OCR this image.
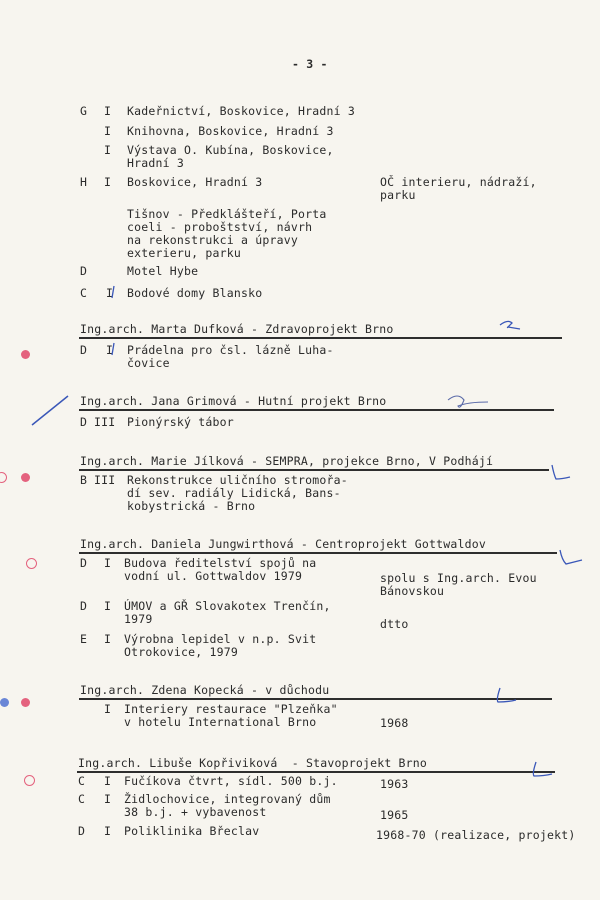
- 3 -
G I Kadeřnictví, Boskovice, Hradní 3
I Knihovna, Boskovice, Hradní 3
I Výstava O. Kubína, Boskovice,
Hradní 3
H I Boskovice, Hradní 3	OČ interieru, nádraží,
parku
Tišnov - Předklášteří, Porta
coeli - proboštství, návrh
na rekonstrukci a úpravy
exterieru, parku
D	Motel Hybe
C I Bodové domy Blansko
Ing.arch. Marta Dufková - Zdravoprojekt Brno
D I Prádelna pro čsl. lázně Luha-
čovice
Ing.arch. Jana Grimová - Hutní projekt Brno
D III Pionýrský tábor
Ing.arch. Marie Jílková - SEMPRA, projekce Brno, V Podhájí
B III Rekonstrukce uličního stromořa-
dí sev. radiály Lidická, Bans-
kobystrická - Brno
Ing.arch. Daniela Jungwirthová - Centroprojekt Gottwaldov
D I Budova ředitelství spojů na
vodní ul. Gottwaldov 1979	spolu s Ing.arch. Evou
Bánovskou
D I ÚMOV a GŘ Slovakotex Trenčín,
1979	dtto
E I Výrobna lepidel v n.p. Svit
Otrokovice, 1979
Ing.arch. Zdena Kopecká - v důchodu
I Interiery restaurace "Plzeňka"
v hotelu International Brno	1968
Ing.arch. Libuše Kopřiviková  - Stavoprojekt Brno
C I Fučíkova čtvrt, sídl. 500 b.j.	1963
C I Židlochovice, integrovaný dům
38 b.j. + vybavenost	1965
D I Poliklinika Břeclav	1968-70 (realizace, projekt)
